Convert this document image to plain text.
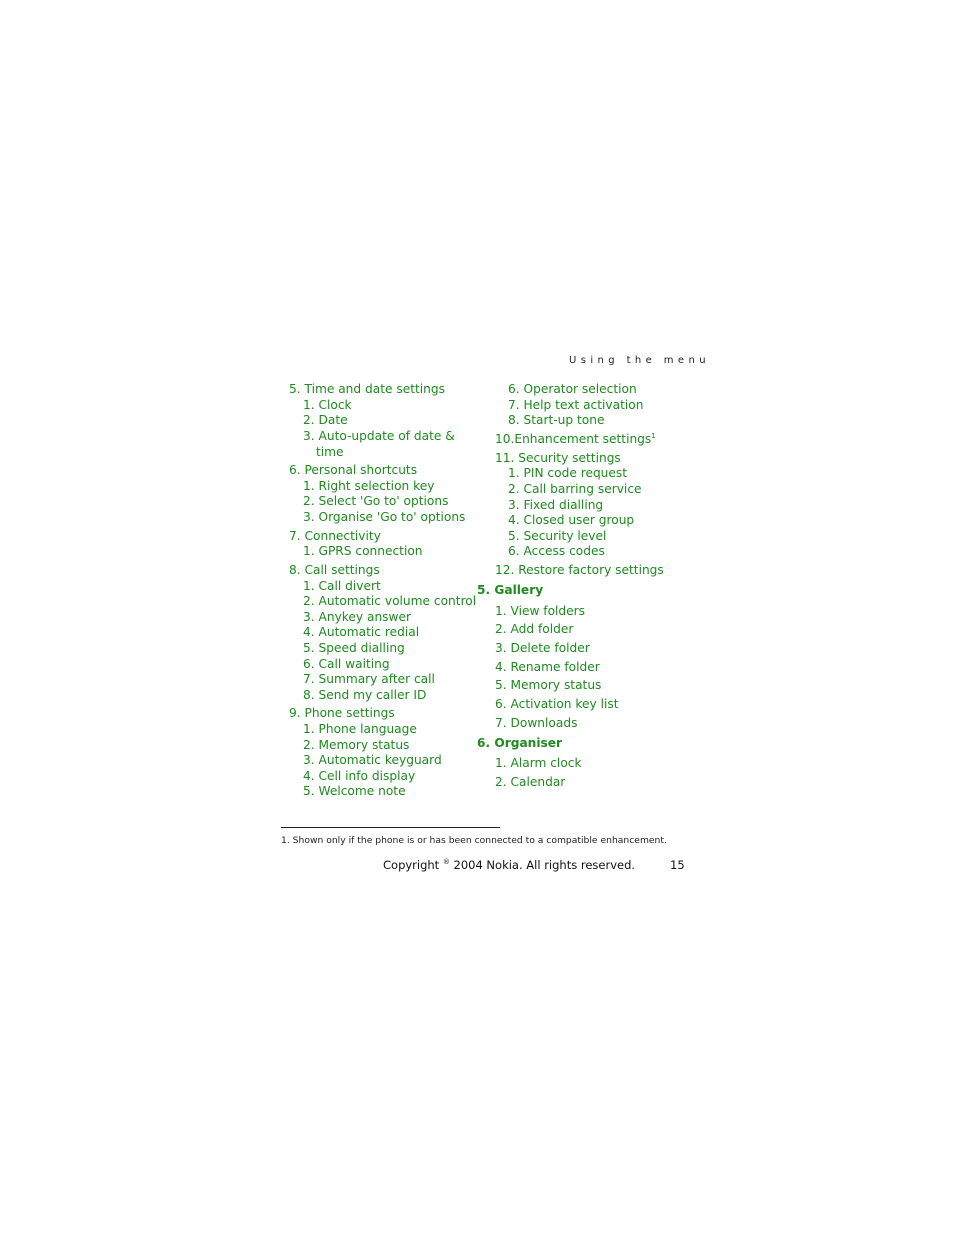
Using the menu
5. Time and date settings
1. Clock
2. Date
3. Auto-update of date &
time
6. Personal shortcuts
1. Right selection key
2. Select 'Go to' options
3. Organise 'Go to' options
7. Connectivity
1. GPRS connection
8. Call settings
1. Call divert
2. Automatic volume control
3. Anykey answer
4. Automatic redial
5. Speed dialling
6. Call waiting
7. Summary after call
8. Send my caller ID
9. Phone settings
1. Phone language
2. Memory status
3. Automatic keyguard
4. Cell info display
5. Welcome note
6. Operator selection
7. Help text activation
8. Start-up tone
10.Enhancement settings$^1$
11. Security settings
1. PIN code request
2. Call barring service
3. Fixed dialling
4. Closed user group
5. Security level
6. Access codes
12. Restore factory settings
5. Gallery
1. View folders
2. Add folder
3. Delete folder
4. Rename folder
5. Memory status
6. Activation key list
7. Downloads
6. Organiser
1. Alarm clock
2. Calendar
1. Shown only if the phone is or has been connected to a compatible enhancement.
Copyright ® 2004 Nokia. All rights reserved.	15
